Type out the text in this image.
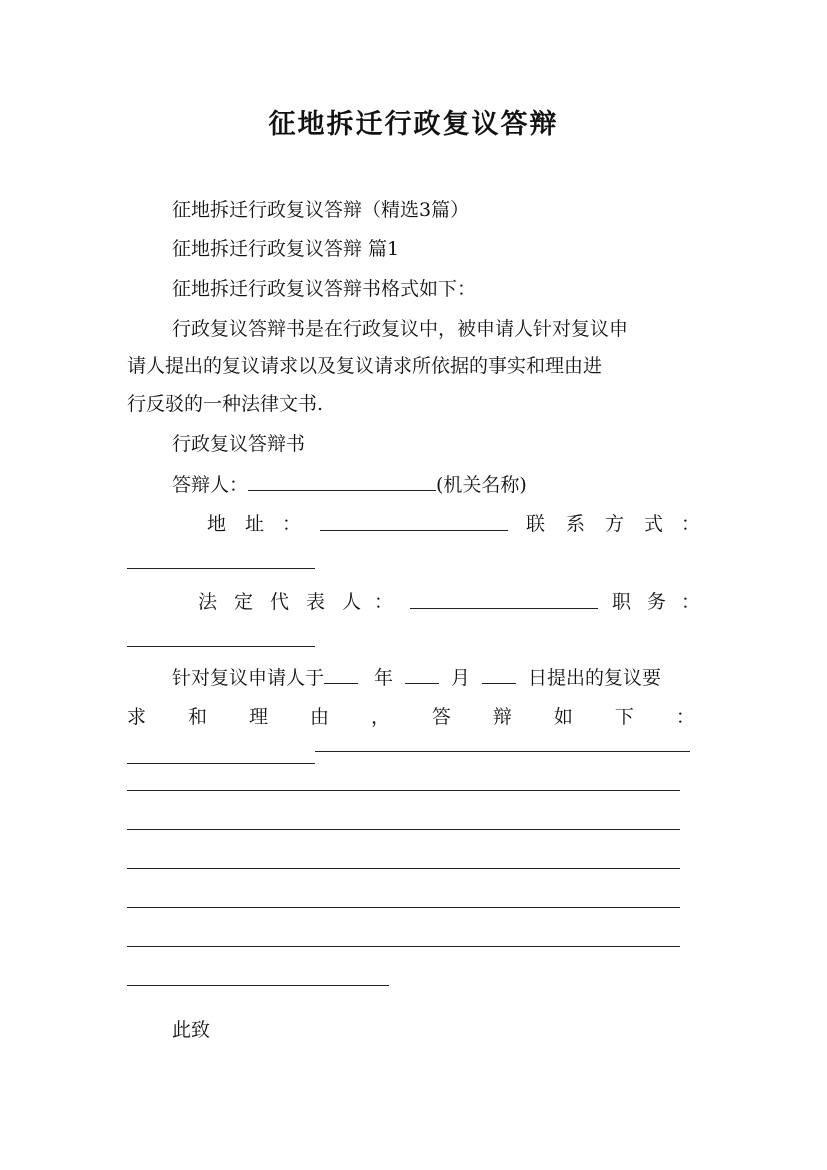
征地拆迁行政复议答辩
征地拆迁行政复议答辩（精选3篇）
征地拆迁行政复议答辩 篇1
征地拆迁行政复议答辩书格式如下：
行政复议答辩书是在行政复议中，被申请人针对复议申
请人提出的复议请求以及复议请求所依据的事实和理由进
行反驳的一种法律文书.
行政复议答辩书
答辩人：	(机关名称)
地 址 ：	联 系 方 式 ：
法 定 代 表 人 ：	职 务 ：
针对复议申请人于	年	月	日提出的复议要
求 和 理 由 ， 答 辩 如 下 ：
此致
